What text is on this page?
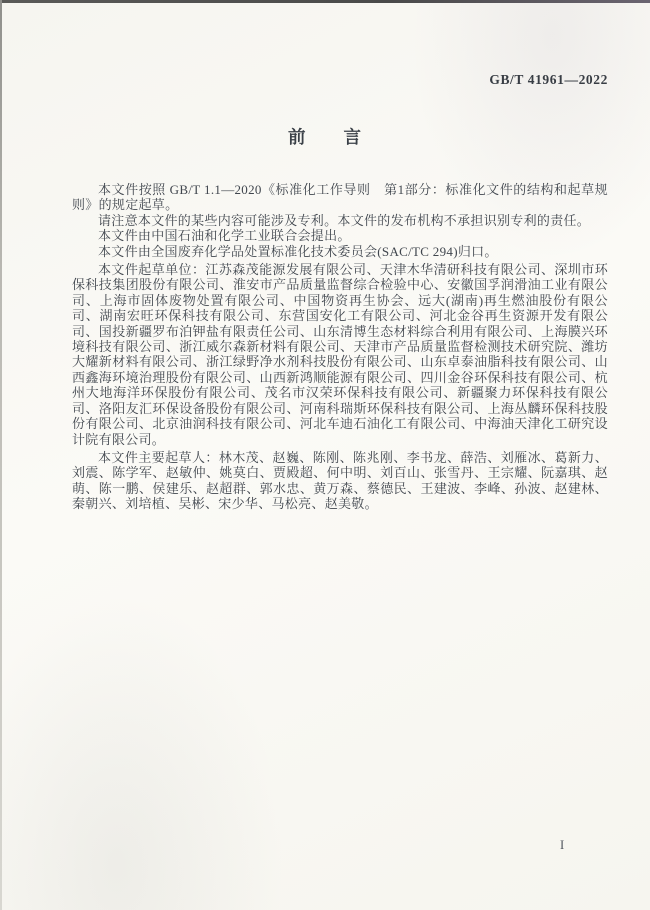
GB/T 41961—2022
前　　言

本文件按照 GB/T 1.1—2020《标准化工作导则　第1部分：标准化文件的结构和起草规则》的规定起草。

请注意本文件的某些内容可能涉及专利。本文件的发布机构不承担识别专利的责任。

本文件由中国石油和化学工业联合会提出。

本文件由全国废弃化学品处置标准化技术委员会(SAC/TC 294)归口。

本文件起草单位：江苏森茂能源发展有限公司、天津木华清研科技有限公司、深圳市环保科技集团股份有限公司、淮安市产品质量监督综合检验中心、安徽国孚润滑油工业有限公司、上海市固体废物处置有限公司、中国物资再生协会、远大(湖南)再生燃油股份有限公司、湖南宏旺环保科技有限公司、东营国安化工有限公司、河北金谷再生资源开发有限公司、国投新疆罗布泊钾盐有限责任公司、山东清博生态材料综合利用有限公司、上海膜兴环境科技有限公司、浙江威尔森新材料有限公司、天津市产品质量监督检测技术研究院、潍坊大耀新材料有限公司、浙江绿野净水剂科技股份有限公司、山东卓泰油脂科技有限公司、山西鑫海环境治理股份有限公司、山西新鸿顺能源有限公司、四川金谷环保科技有限公司、杭州大地海洋环保股份有限公司、茂名市汉荣环保科技有限公司、新疆聚力环保科技有限公司、洛阳友汇环保设备股份有限公司、河南科瑞斯环保科技有限公司、上海丛麟环保科技股份有限公司、北京油润科技有限公司、河北车迪石油化工有限公司、中海油天津化工研究设计院有限公司。

本文件主要起草人：林木茂、赵巍、陈刚、陈兆刚、李书龙、薛浩、刘雁冰、葛新力、刘震、陈学军、赵敏仲、姚莫白、贾殿超、何中明、刘百山、张雪丹、王宗耀、阮嘉琪、赵萌、陈一鹏、侯建乐、赵超群、郭水忠、黄万森、蔡德民、王建波、李峰、孙波、赵建林、秦朝兴、刘培植、吴彬、宋少华、马松亮、赵美敬。

I
